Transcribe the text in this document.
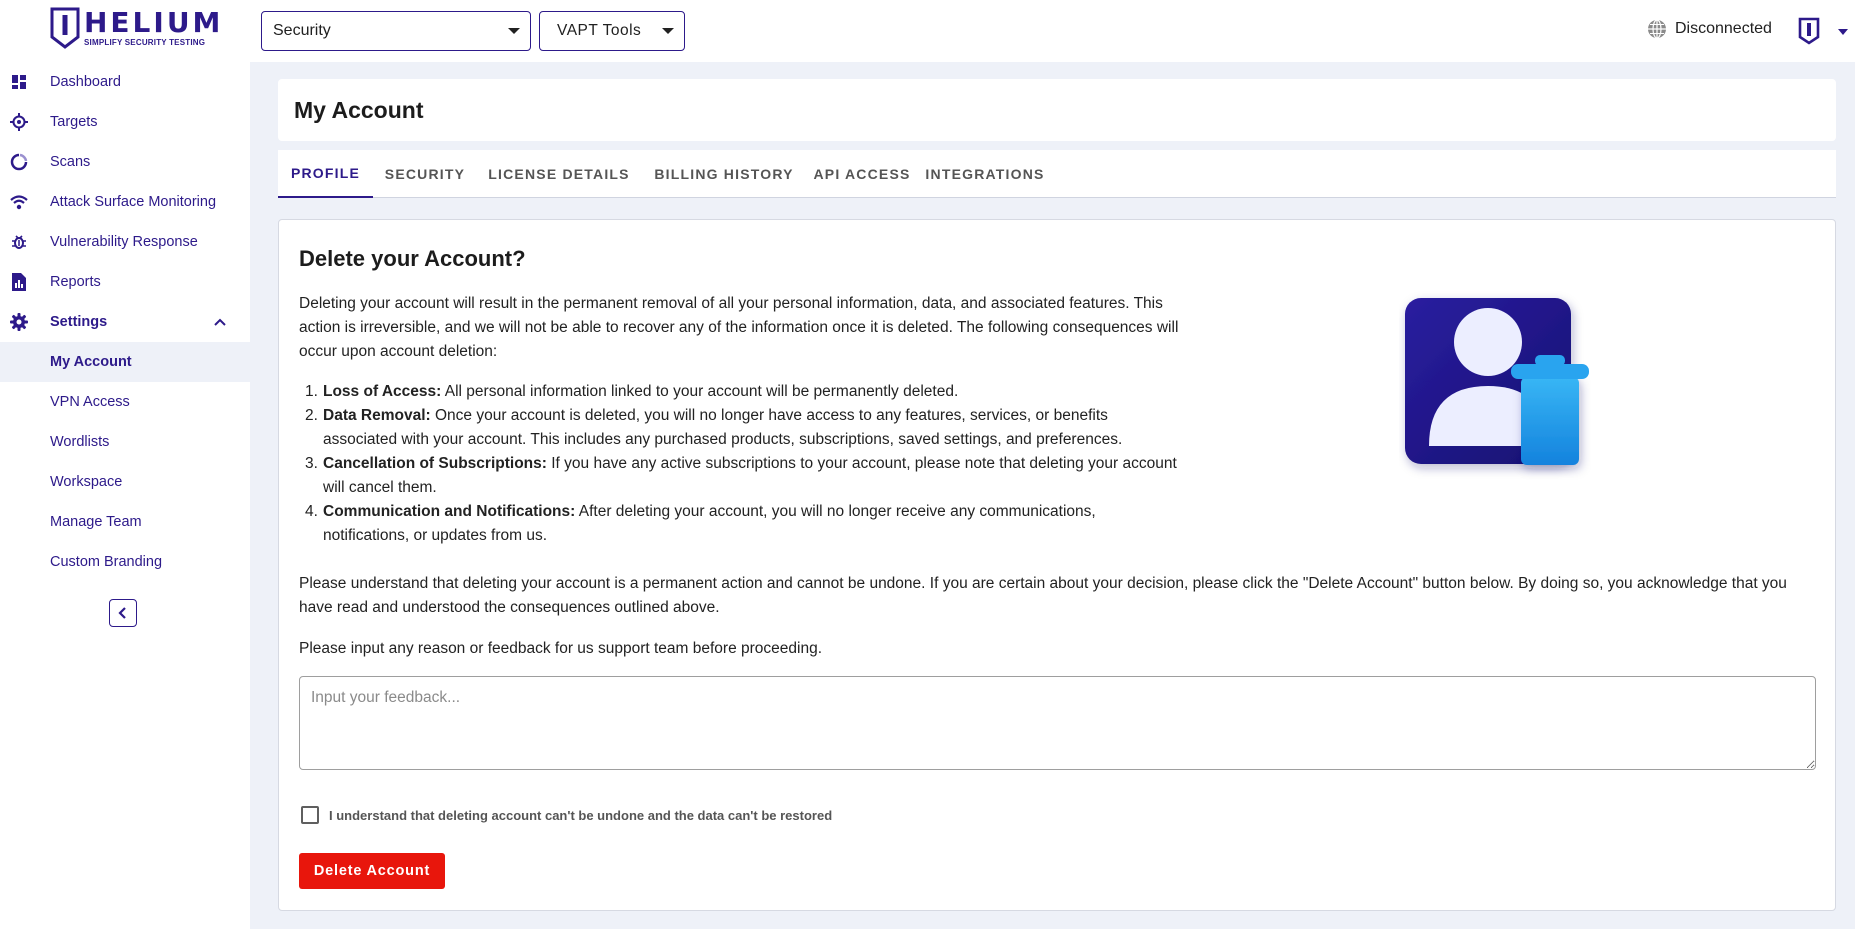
HELIUM
SIMPLIFY SECURITY TESTING
Dashboard
Targets
Scans
Attack Surface Monitoring
Vulnerability Response
Reports
Settings
My Account
VPN Access
Wordlists
Workspace
Manage Team
Custom Branding
Security	VAPT Tools	Disconnected
My Account
PROFILE	SECURITY	LICENSE DETAILS	BILLING HISTORY	API ACCESS	INTEGRATIONS
Delete your Account?

Deleting your account will result in the permanent removal of all your personal information, data, and associated features. This action is irreversible, and we will not be able to recover any of the information once it is deleted. The following consequences will occur upon account deletion:

Loss of Access: All personal information linked to your account will be permanently deleted.
Data Removal: Once your account is deleted, you will no longer have access to any features, services, or benefits associated with your account. This includes any purchased products, subscriptions, saved settings, and preferences.
Cancellation of Subscriptions: If you have any active subscriptions to your account, please note that deleting your account will cancel them.
Communication and Notifications: After deleting your account, you will no longer receive any communications, notifications, or updates from us.

Please understand that deleting your account is a permanent action and cannot be undone. If you are certain about your decision, please click the "Delete Account" button below. By doing so, you acknowledge that you have read and understood the consequences outlined above.

Please input any reason or feedback for us support team before proceeding.

Input your feedback...
I understand that deleting account can't be undone and the data can't be restored
Delete Account
